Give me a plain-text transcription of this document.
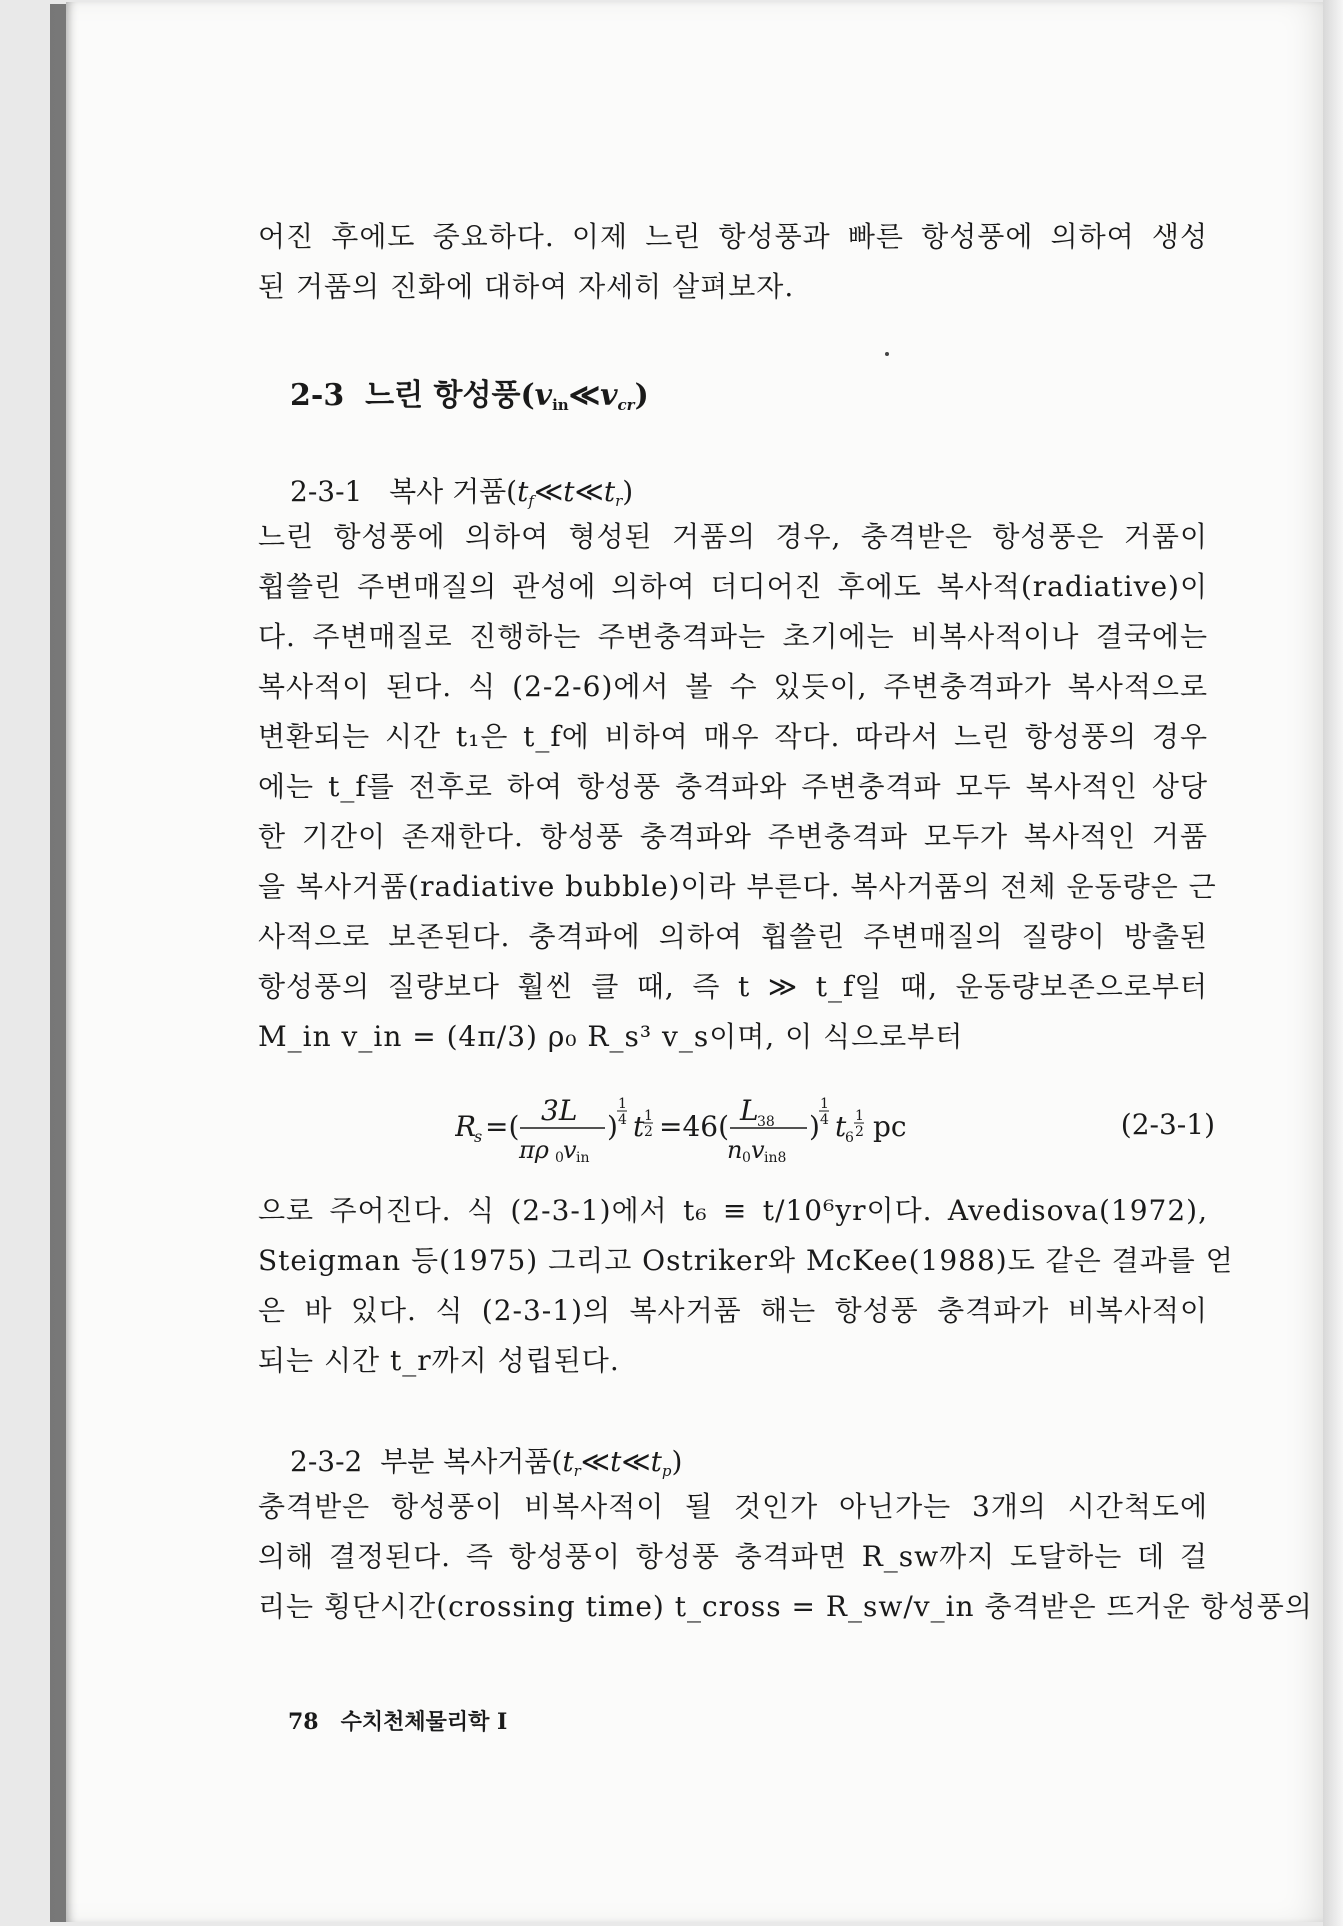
어진 후에도 중요하다. 이제 느린 항성풍과 빠른 항성풍에 의하여 생성
된 거품의 진화에 대하여 자세히 살펴보자.
2-3 느린 항성풍$(v_{in}≪v_{cr})$
2-3-1 복사 거품$(t_f≪t≪t_r)$
느린 항성풍에 의하여 형성된 거품의 경우, 충격받은 항성풍은 거품이
휩쓸린 주변매질의 관성에 의하여 더디어진 후에도 복사적(radiative)이
다. 주변매질로 진행하는 주변충격파는 초기에는 비복사적이나 결국에는
복사적이 된다. 식 (2-2-6)에서 볼 수 있듯이, 주변충격파가 복사적으로
변환되는 시간 t₁은 t_f에 비하여 매우 작다. 따라서 느린 항성풍의 경우
에는 t_f를 전후로 하여 항성풍 충격파와 주변충격파 모두 복사적인 상당
한 기간이 존재한다. 항성풍 충격파와 주변충격파 모두가 복사적인 거품
을 복사거품(radiative bubble)이라 부른다. 복사거품의 전체 운동량은 근
사적으로 보존된다. 충격파에 의하여 휩쓸린 주변매질의 질량이 방출된
항성풍의 질량보다 훨씬 클 때, 즉 t ≫ t_f일 때, 운동량보존으로부터
M_in v_in = (4π/3) ρ₀ R_s³ v_s이며, 이 식으로부터
R
s =( 3L
πρ 0 v in
)
1
4 t 1
2 =46( L
38
n 0 v in8
)
1
4 t
6
1
2 pc	(2-3-1)
으로 주어진다. 식 (2-3-1)에서 t₆ ≡ t/10⁶yr이다. Avedisova(1972),
Steigman 등(1975) 그리고 Ostriker와 McKee(1988)도 같은 결과를 얻
은 바 있다. 식 (2-3-1)의 복사거품 해는 항성풍 충격파가 비복사적이
되는 시간 t_r까지 성립된다.
2-3-2 부분 복사거품$(t_r≪t≪t_p)$
충격받은 항성풍이 비복사적이 될 것인가 아닌가는 3개의 시간척도에
의해 결정된다. 즉 항성풍이 항성풍 충격파면 R_sw까지 도달하는 데 걸
리는 횡단시간(crossing time) t_cross = R_sw/v_in 충격받은 뜨거운 항성풍의
78 수치천체물리학 I
